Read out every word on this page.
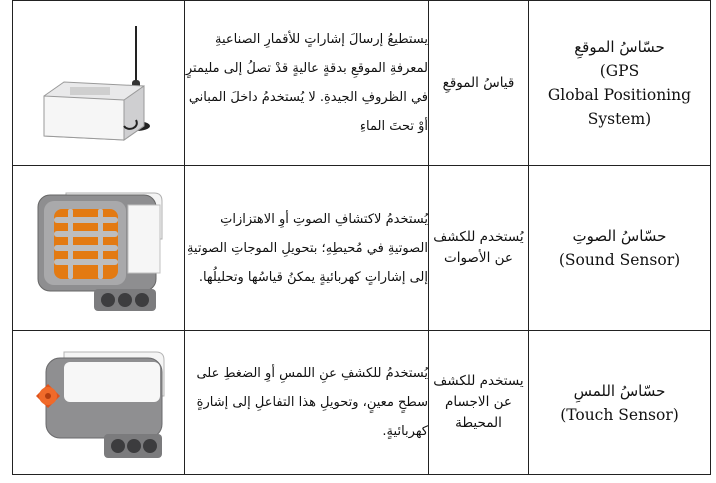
	يستطيعُ إرسالَ إشاراتٍ للأقمارِ الصناعيةِ لمعرفةِ الموقعِ بدقةٍ عاليةٍ قدْ تصلُ إلى مليمترٍ في الظروفِ الجيدةِ. لا يُستخدمُ داخلَ المباني أوْ تحتَ الماءِ	قياسُ الموقعِ	حسّاسُ الموقعِ
(GPS
Global Positioning
System)

	يُستخدمُ لاكتشافِ الصوتِ أوِ الاهتزازاتِ الصوتيةِ في مُحيطِهِ؛ بتحويلِ الموجاتِ الصوتيةِ إلى إشاراتٍ كهربائيةٍ يمكنُ قياسُها وتحليلُها.	يُستخدم للكشف عن الأصوات	حسّاسُ الصوتِ
(Sound Sensor)

	يُستخدمُ للكشفِ عنِ اللمسِ أوِ الضغطِ على سطحٍ معينٍ، وتحويلِ هذا التفاعلِ إلى إشارةٍ كهربائيةٍ.	يستخدم للكشف عن الاجسام المحيطة	حسّاسُ اللمسِ
(Touch Sensor)
